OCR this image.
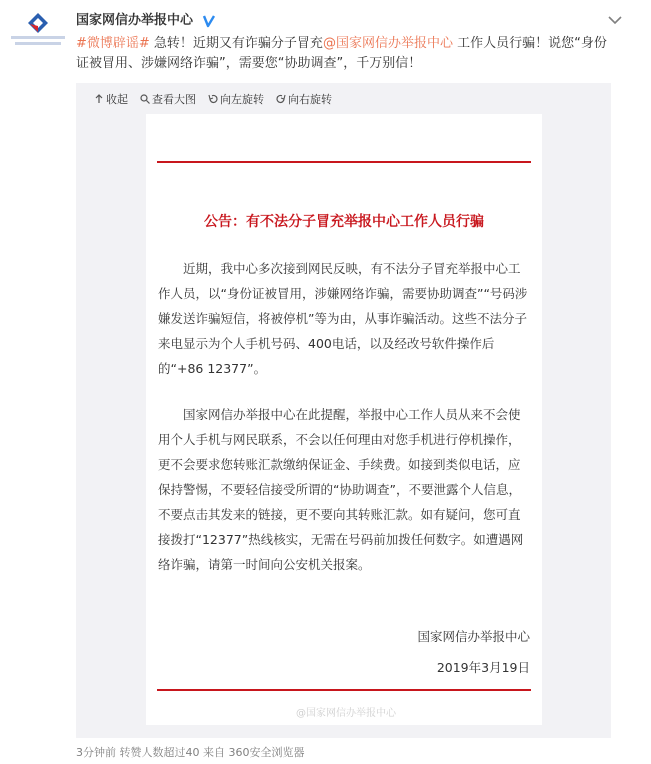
国家网信办举报中心
#微博辟谣# 急转！近期又有诈骗分子冒充@国家网信办举报中心 工作人员行骗！说您“身份证被冒用、涉嫌网络诈骗”，需要您“协助调查”，千万别信！
收起 查看大图 向左旋转 向右旋转
公告：有不法分子冒充举报中心工作人员行骗

近期，我中心多次接到网民反映，有不法分子冒充举报中心工作人员，以“身份证被冒用，涉嫌网络诈骗，需要协助调查”“号码涉嫌发送诈骗短信，将被停机”等为由，从事诈骗活动。这些不法分子来电显示为个人手机号码、400电话，以及经改号软件操作后的“+86 12377”。

国家网信办举报中心在此提醒，举报中心工作人员从来不会使用个人手机与网民联系，不会以任何理由对您手机进行停机操作，更不会要求您转账汇款缴纳保证金、手续费。如接到类似电话，应保持警惕，不要轻信接受所谓的“协助调查”，不要泄露个人信息，不要点击其发来的链接，更不要向其转账汇款。如有疑问，您可直接拨打“12377”热线核实，无需在号码前加拨任何数字。如遭遇网络诈骗，请第一时间向公安机关报案。

国家网信办举报中心
2019年3月19日
@国家网信办举报中心
3分钟前 转赞人数超过40 来自 360安全浏览器
